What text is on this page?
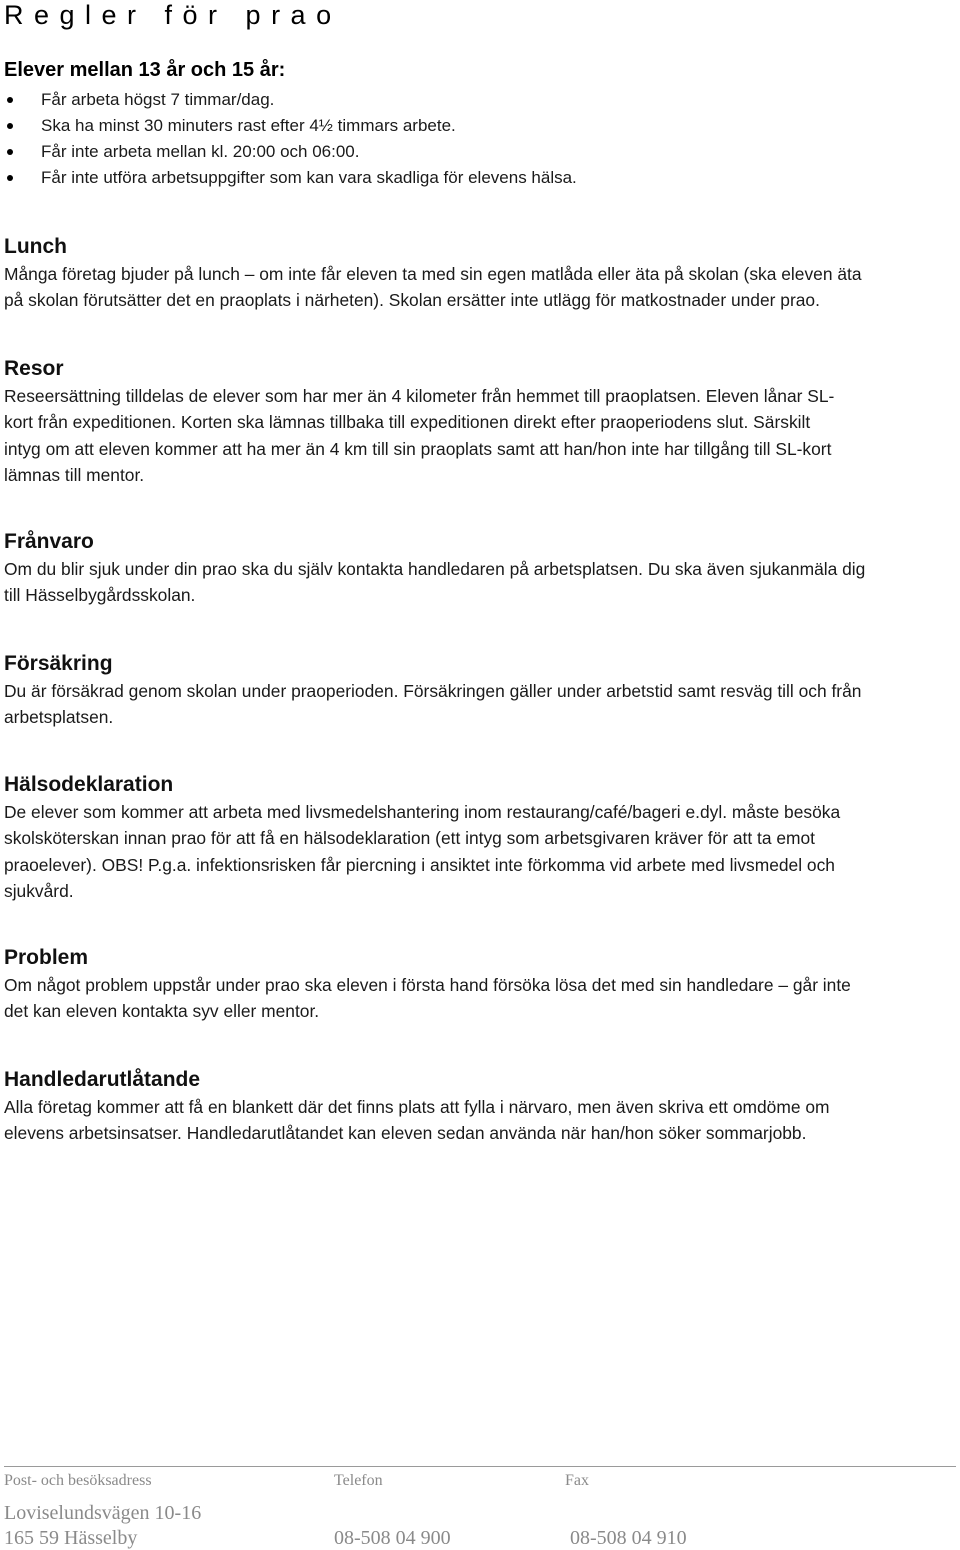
Regler för prao
Elever mellan 13 år och 15 år:
Får arbeta högst 7 timmar/dag.
Ska ha minst 30 minuters rast efter 4½ timmars arbete.
Får inte arbeta mellan kl. 20:00 och 06:00.
Får inte utföra arbetsuppgifter som kan vara skadliga för elevens hälsa.
Lunch

Många företag bjuder på lunch – om inte får eleven ta med sin egen matlåda eller äta på skolan (ska eleven äta
på skolan förutsätter det en praoplats i närheten). Skolan ersätter inte utlägg för matkostnader under prao.

Resor

Reseersättning tilldelas de elever som har mer än 4 kilometer från hemmet till praoplatsen. Eleven lånar SL-
kort från expeditionen. Korten ska lämnas tillbaka till expeditionen direkt efter praoperiodens slut. Särskilt
intyg om att eleven kommer att ha mer än 4 km till sin praoplats samt att han/hon inte har tillgång till SL-kort
lämnas till mentor.

Frånvaro

Om du blir sjuk under din prao ska du själv kontakta handledaren på arbetsplatsen. Du ska även sjukanmäla dig
till Hässelbygårdsskolan.

Försäkring

Du är försäkrad genom skolan under praoperioden. Försäkringen gäller under arbetstid samt resväg till och från
arbetsplatsen.

Hälsodeklaration

De elever som kommer att arbeta med livsmedelshantering inom restaurang/café/bageri e.dyl. måste besöka
skolsköterskan innan prao för att få en hälsodeklaration (ett intyg som arbetsgivaren kräver för att ta emot
praoelever). OBS! P.g.a. infektionsrisken får piercning i ansiktet inte förkomma vid arbete med livsmedel och
sjukvård.

Problem

Om något problem uppstår under prao ska eleven i första hand försöka lösa det med sin handledare – går inte
det kan eleven kontakta syv eller mentor.

Handledarutlåtande

Alla företag kommer att få en blankett där det finns plats att fylla i närvaro, men även skriva ett omdöme om
elevens arbetsinsatser. Handledarutlåtandet kan eleven sedan använda när han/hon söker sommarjobb.

Post- och besöksadress	Telefon	Fax
Loviselundsvägen 10-16
165 59 Hässelby	08-508 04 900	08-508 04 910
